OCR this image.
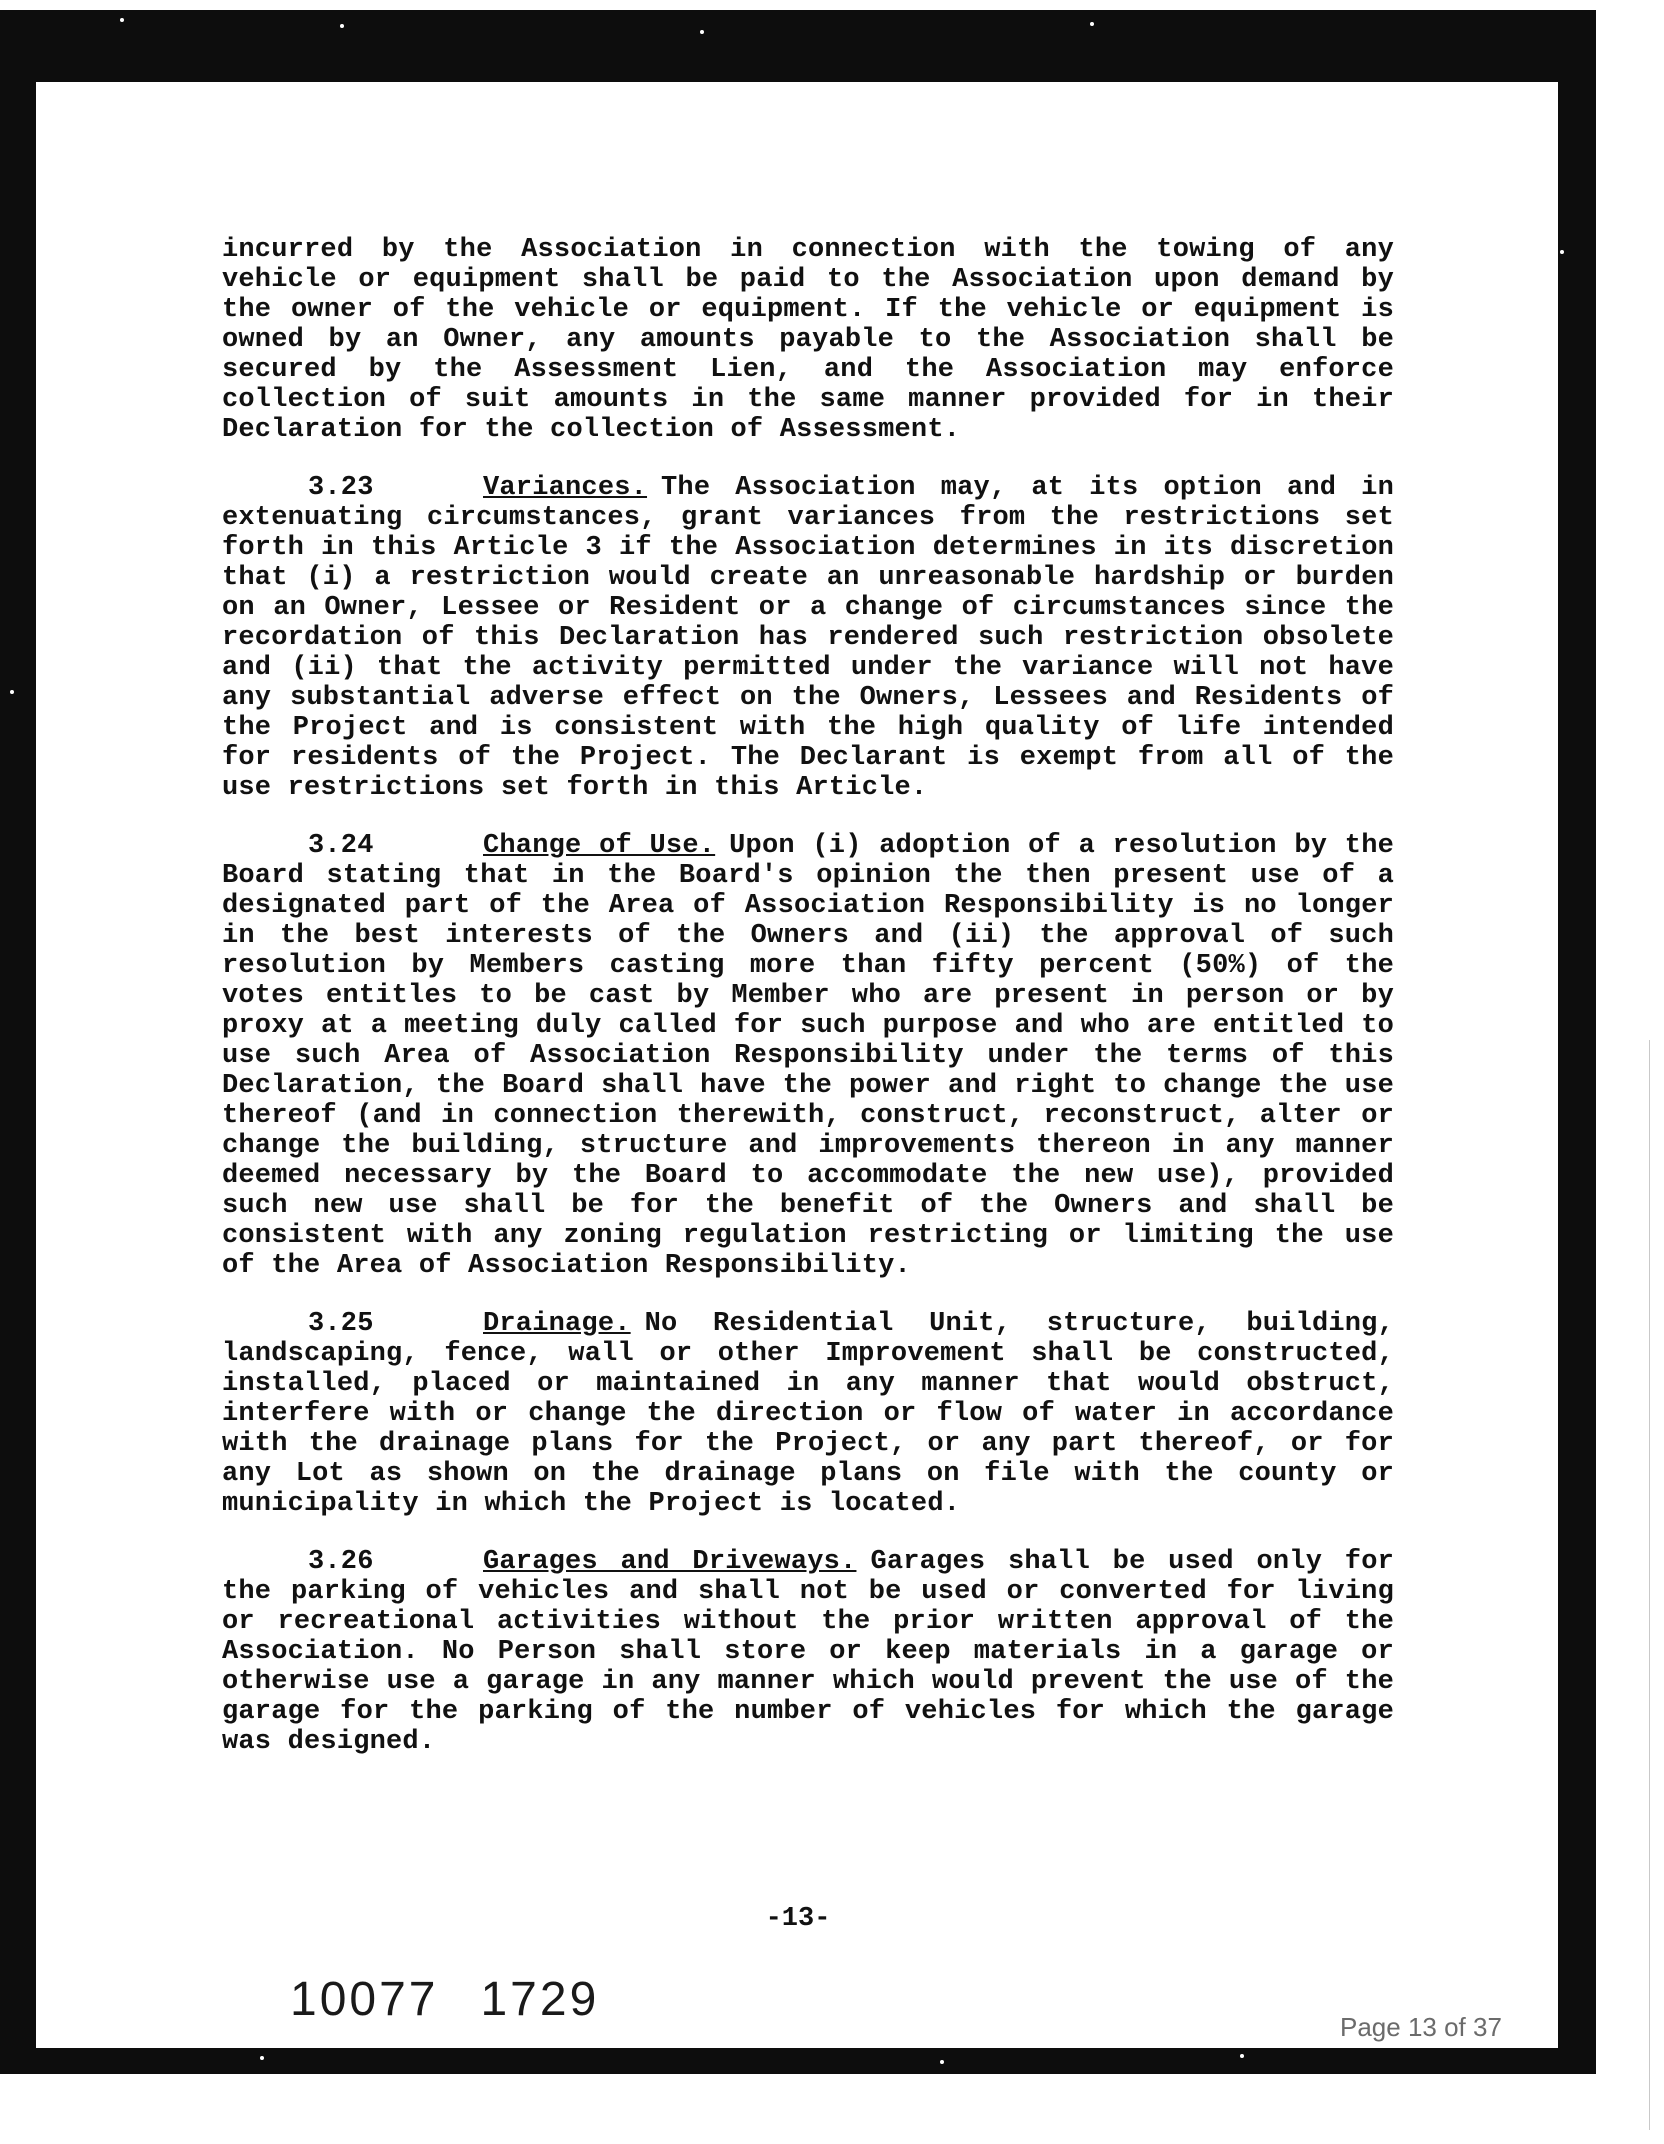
incurred by the Association in connection with the towing of any vehicle or equipment shall be paid to the Association upon demand by the owner of the vehicle or equipment. If the vehicle or equipment is owned by an Owner, any amounts payable to the Association shall be secured by the Assessment Lien, and the Association may enforce collection of suit amounts in the same manner provided for in their Declaration for the collection of Assessment.

3.23	Variances. The Association may, at its option and in extenuating circumstances, grant variances from the restrictions set forth in this Article 3 if the Association determines in its discretion that (i) a restriction would create an unreasonable hardship or burden on an Owner, Lessee or Resident or a change of circumstances since the recordation of this Declaration has rendered such restriction obsolete and (ii) that the activity permitted under the variance will not have any substantial adverse effect on the Owners, Lessees and Residents of the Project and is consistent with the high quality of life intended for residents of the Project. The Declarant is exempt from all of the use restrictions set forth in this Article.

3.24	Change of Use. Upon (i) adoption of a resolution by the Board stating that in the Board's opinion the then present use of a designated part of the Area of Association Responsibility is no longer in the best interests of the Owners and (ii) the approval of such resolution by Members casting more than fifty percent (50%) of the votes entitles to be cast by Member who are present in person or by proxy at a meeting duly called for such purpose and who are entitled to use such Area of Association Responsibility under the terms of this Declaration, the Board shall have the power and right to change the use thereof (and in connection therewith, construct, reconstruct, alter or change the building, structure and improvements thereon in any manner deemed necessary by the Board to accommodate the new use), provided such new use shall be for the benefit of the Owners and shall be consistent with any zoning regulation restricting or limiting the use of the Area of Association Responsibility.

3.25	Drainage. No Residential Unit, structure, building, landscaping, fence, wall or other Improvement shall be constructed, installed, placed or maintained in any manner that would obstruct, interfere with or change the direction or flow of water in accordance with the drainage plans for the Project, or any part thereof, or for any Lot as shown on the drainage plans on file with the county or municipality in which the Project is located.

3.26	Garages and Driveways. Garages shall be used only for the parking of vehicles and shall not be used or converted for living or recreational activities without the prior written approval of the Association. No Person shall store or keep materials in a garage or otherwise use a garage in any manner which would prevent the use of the garage for the parking of the number of vehicles for which the garage was designed.

-13-
10077 1729
Page 13 of 37
